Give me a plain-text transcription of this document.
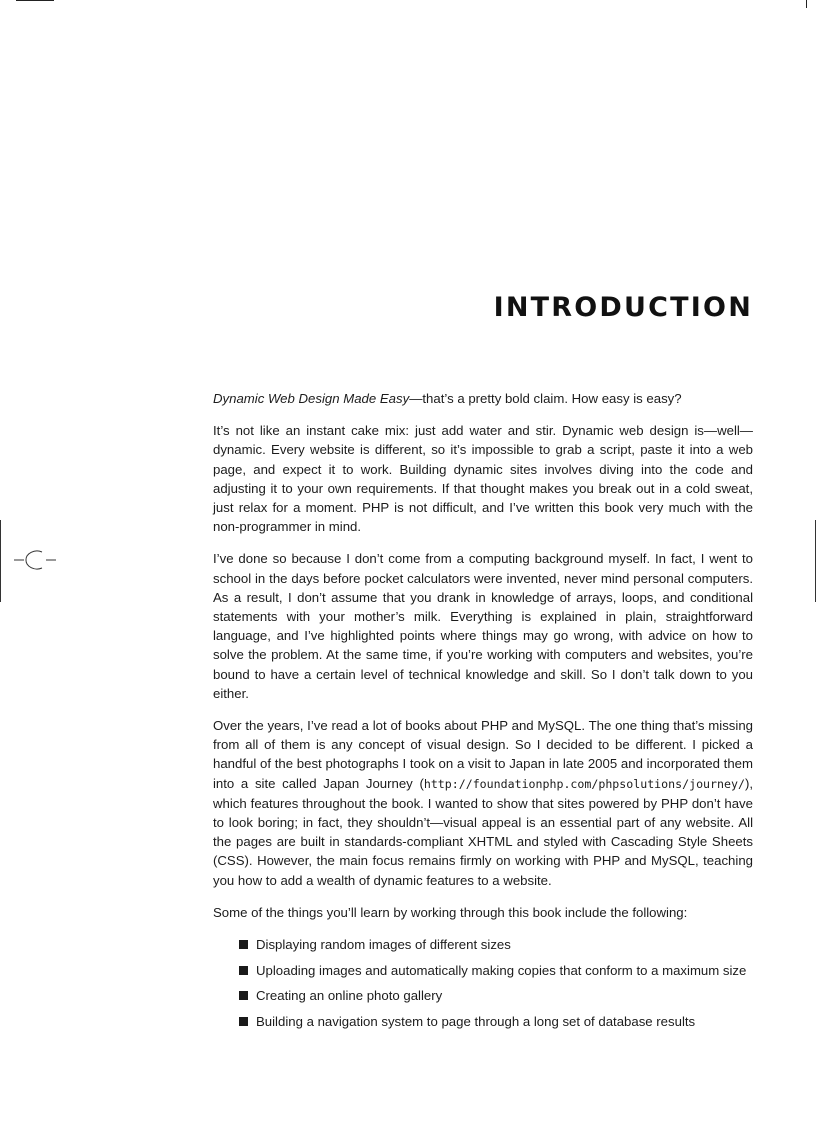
INTRODUCTION

Dynamic Web Design Made Easy—that’s a pretty bold claim. How easy is easy?

It’s not like an instant cake mix: just add water and stir. Dynamic web design is—well—dynamic. Every website is different, so it’s impossible to grab a script, paste it into a web page, and expect it to work. Building dynamic sites involves diving into the code and adjusting it to your own requirements. If that thought makes you break out in a cold sweat, just relax for a moment. PHP is not difficult, and I’ve written this book very much with the non-programmer in mind.

I’ve done so because I don’t come from a computing background myself. In fact, I went to school in the days before pocket calculators were invented, never mind personal computers. As a result, I don’t assume that you drank in knowledge of arrays, loops, and conditional statements with your mother’s milk. Everything is explained in plain, straightforward language, and I’ve highlighted points where things may go wrong, with advice on how to solve the problem. At the same time, if you’re working with computers and websites, you’re bound to have a certain level of technical knowledge and skill. So I don’t talk down to you either.

Over the years, I’ve read a lot of books about PHP and MySQL. The one thing that’s missing from all of them is any concept of visual design. So I decided to be different. I picked a handful of the best photographs I took on a visit to Japan in late 2005 and incorporated them into a site called Japan Journey (http://foundationphp.com/phpsolutions/journey/), which features throughout the book. I wanted to show that sites powered by PHP don’t have to look boring; in fact, they shouldn’t—visual appeal is an essential part of any website. All the pages are built in standards-compliant XHTML and styled with Cascading Style Sheets (CSS). However, the main focus remains firmly on working with PHP and MySQL, teaching you how to add a wealth of dynamic features to a website.

Some of the things you’ll learn by working through this book include the following:

Displaying random images of different sizes
Uploading images and automatically making copies that conform to a maximum size
Creating an online photo gallery
Building a navigation system to page through a long set of database results
